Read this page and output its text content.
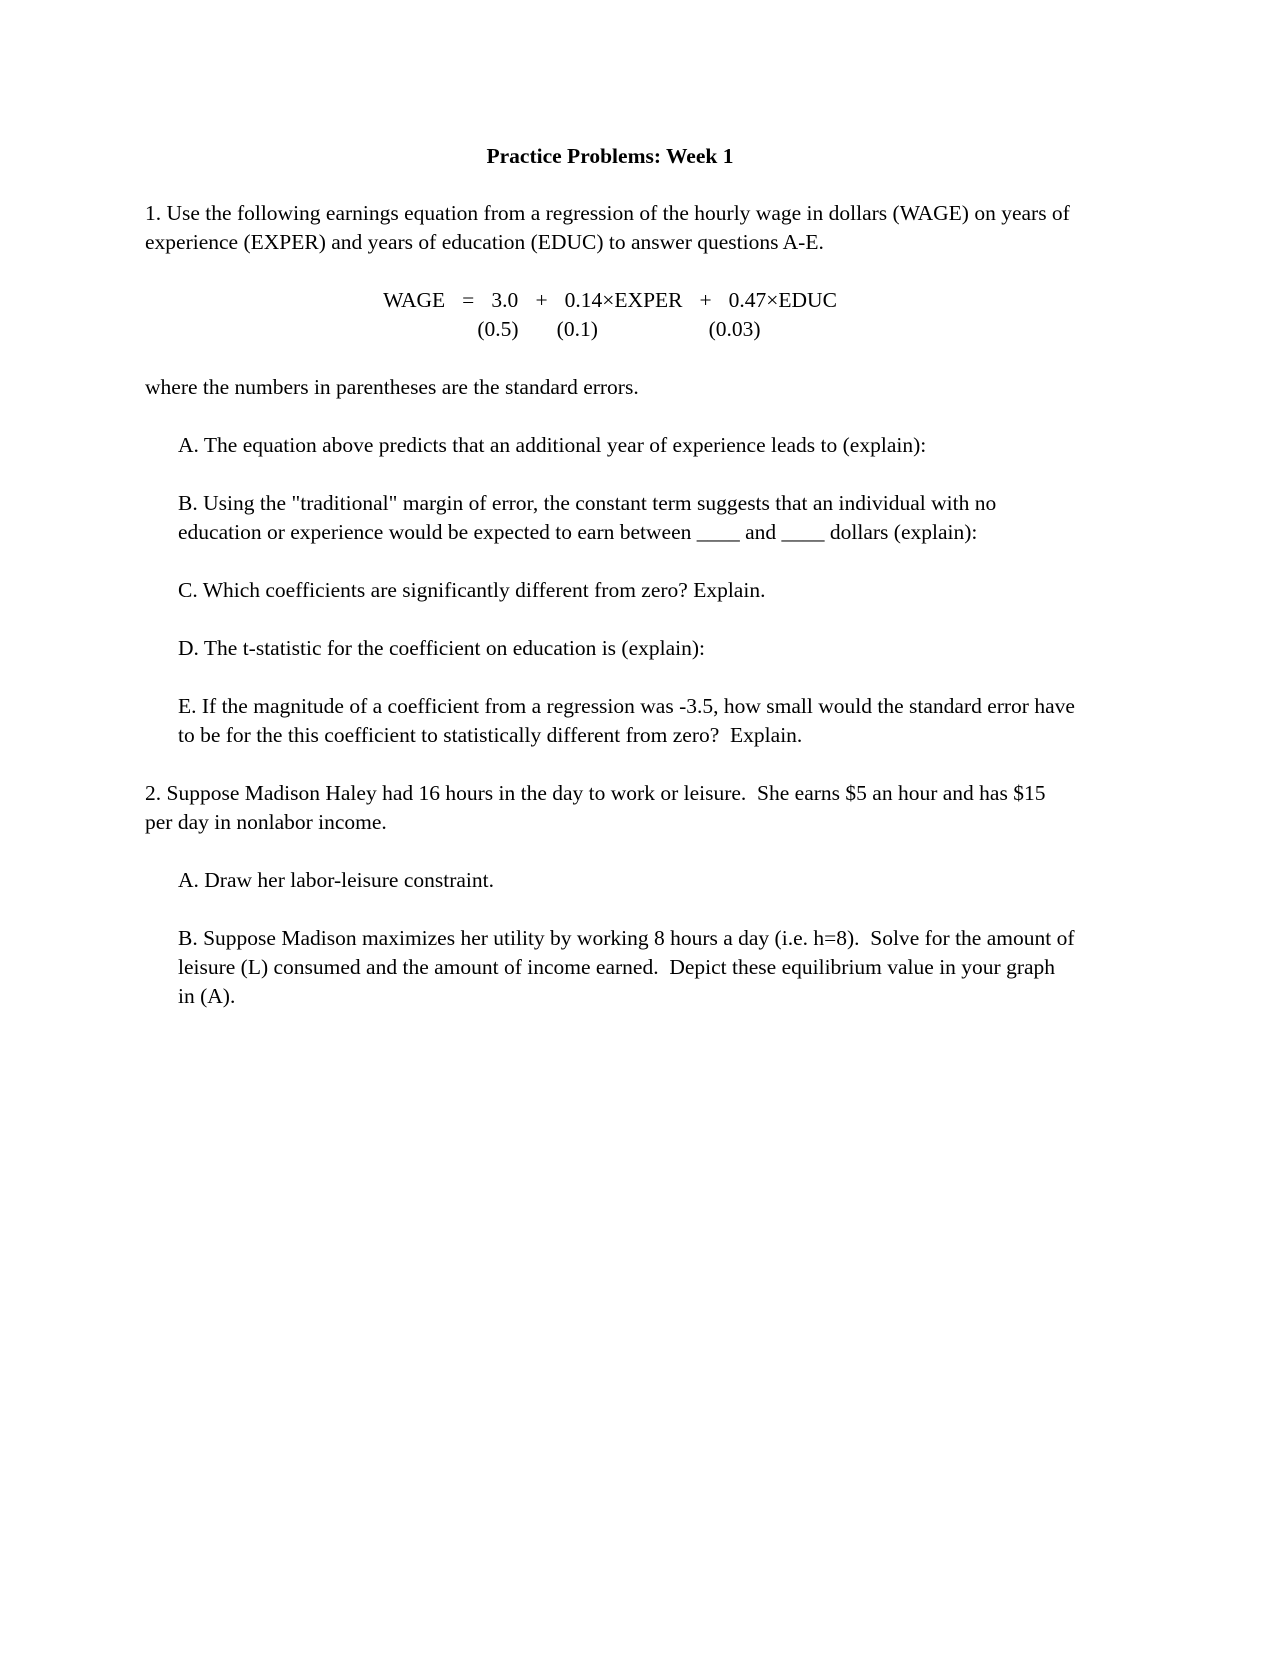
Practice Problems: Week 1

1. Use the following earnings equation from a regression of the hourly wage in dollars (WAGE) on years of experience (EXPER) and years of education (EDUC) to answer questions A-E.

WAGE = 3.0 + 0.14×EXPER + 0.47×EDUC
(0.5) (0.1)	(0.03)

where the numbers in parentheses are the standard errors.

A. The equation above predicts that an additional year of experience leads to (explain):

B. Using the "traditional" margin of error, the constant term suggests that an individual with no education or experience would be expected to earn between ____ and ____ dollars (explain):

C. Which coefficients are significantly different from zero? Explain.

D. The t-statistic for the coefficient on education is (explain):

E. If the magnitude of a coefficient from a regression was -3.5, how small would the standard error have to be for the this coefficient to statistically different from zero?  Explain.

2. Suppose Madison Haley had 16 hours in the day to work or leisure.  She earns $5 an hour and has $15 per day in nonlabor income.

A. Draw her labor-leisure constraint.

B. Suppose Madison maximizes her utility by working 8 hours a day (i.e. h=8).  Solve for the amount of leisure (L) consumed and the amount of income earned.  Depict these equilibrium value in your graph in (A).
